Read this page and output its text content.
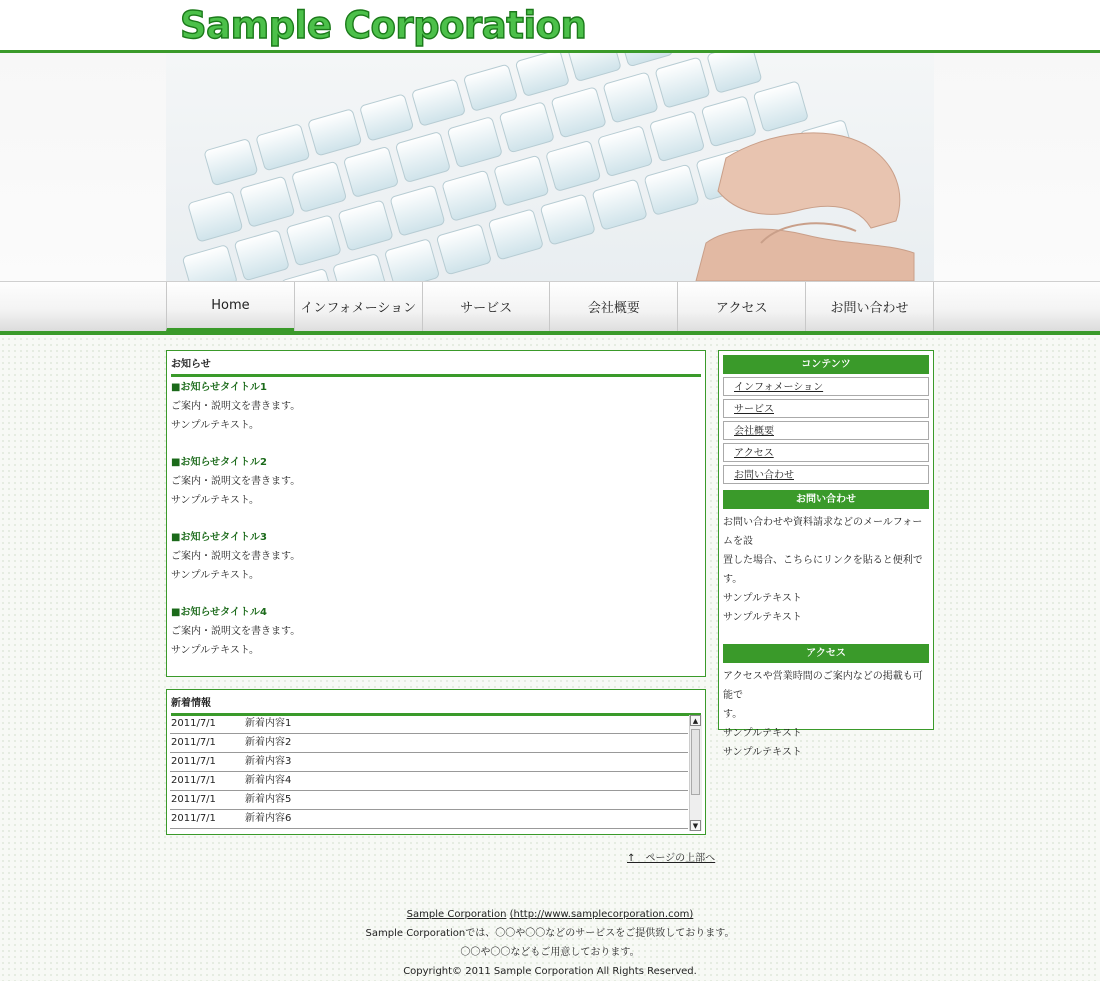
Sample Corporation
Home	インフォメーション	サービス	会社概要	アクセス	お問い合わせ
お知らせ
■お知らせタイトル1
ご案内・説明文を書きます。
サンプルテキスト。
■お知らせタイトル2
ご案内・説明文を書きます。
サンプルテキスト。
■お知らせタイトル3
ご案内・説明文を書きます。
サンプルテキスト。
■お知らせタイトル4
ご案内・説明文を書きます。
サンプルテキスト。
新着情報
2011/7/1	新着内容1
2011/7/1	新着内容2
2011/7/1	新着内容3
2011/7/1	新着内容4
2011/7/1	新着内容5
2011/7/1	新着内容6
▲
▼
↑　ページの上部へ
コンテンツ
インフォメーション
サービス
会社概要
アクセス
お問い合わせ
お問い合わせ
お問い合わせや資料請求などのメールフォームを設
置した場合、こちらにリンクを貼ると便利です。
サンプルテキスト
サンプルテキスト
アクセス
アクセスや営業時間のご案内などの掲載も可能で
す。
サンプルテキスト
サンプルテキスト
Sample Corporation (http://www.samplecorporation.com)
Sample Corporationでは、〇〇や〇〇などのサービスをご提供致しております。
〇〇や〇〇などもご用意しております。
Copyright© 2011 Sample Corporation All Rights Reserved.
